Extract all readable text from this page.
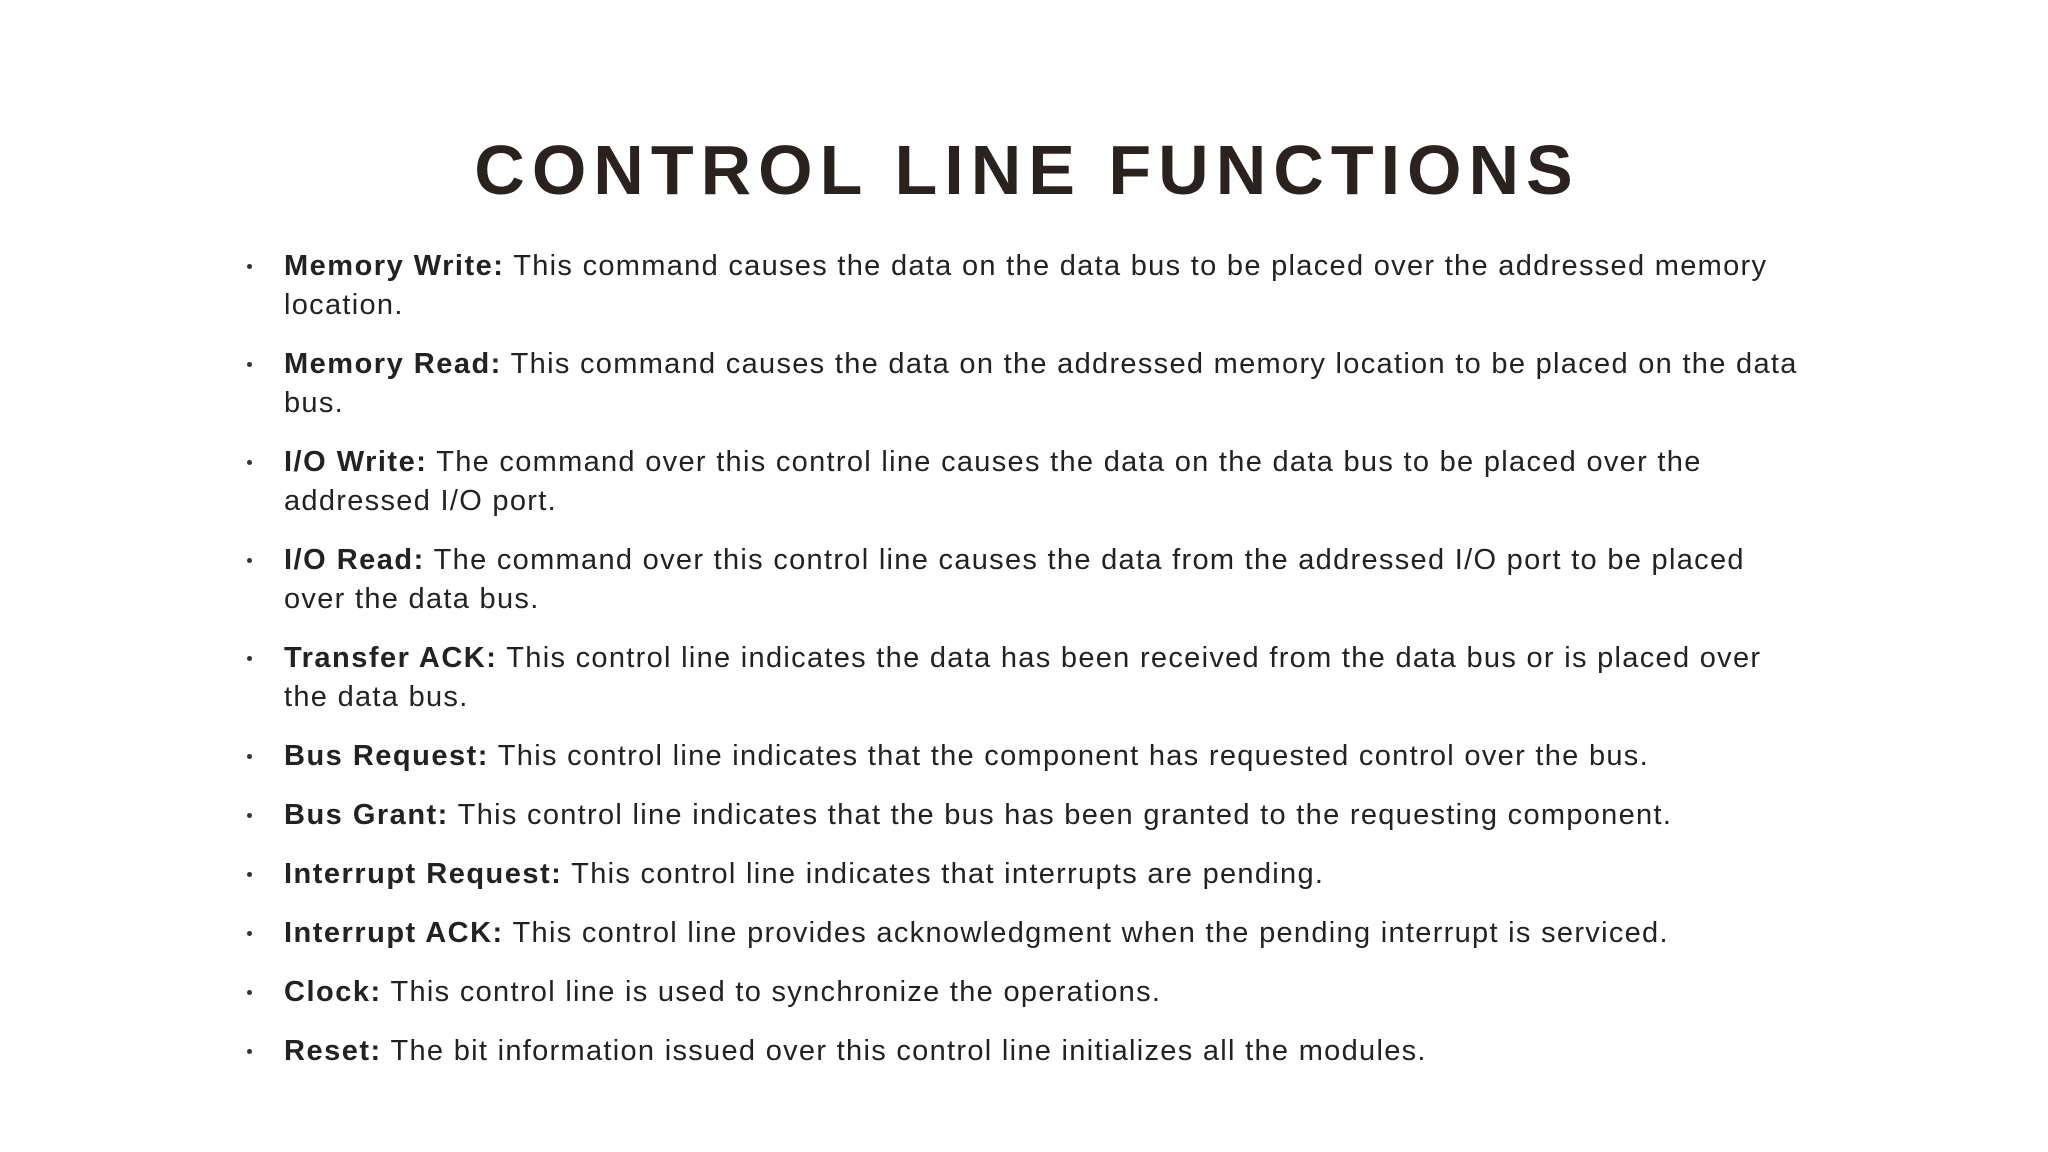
CONTROL LINE FUNCTIONS
Memory Write: This command causes the data on the data bus to be placed over the addressed memory location.
Memory Read: This command causes the data on the addressed memory location to be placed on the data bus.
I/O Write: The command over this control line causes the data on the data bus to be placed over the addressed I/O port.
I/O Read: The command over this control line causes the data from the addressed I/O port to be placed over the data bus.
Transfer ACK: This control line indicates the data has been received from the data bus or is placed over the data bus.
Bus Request: This control line indicates that the component has requested control over the bus.
Bus Grant: This control line indicates that the bus has been granted to the requesting component.
Interrupt Request: This control line indicates that interrupts are pending.
Interrupt ACK: This control line provides acknowledgment when the pending interrupt is serviced.
Clock: This control line is used to synchronize the operations.
Reset: The bit information issued over this control line initializes all the modules.
